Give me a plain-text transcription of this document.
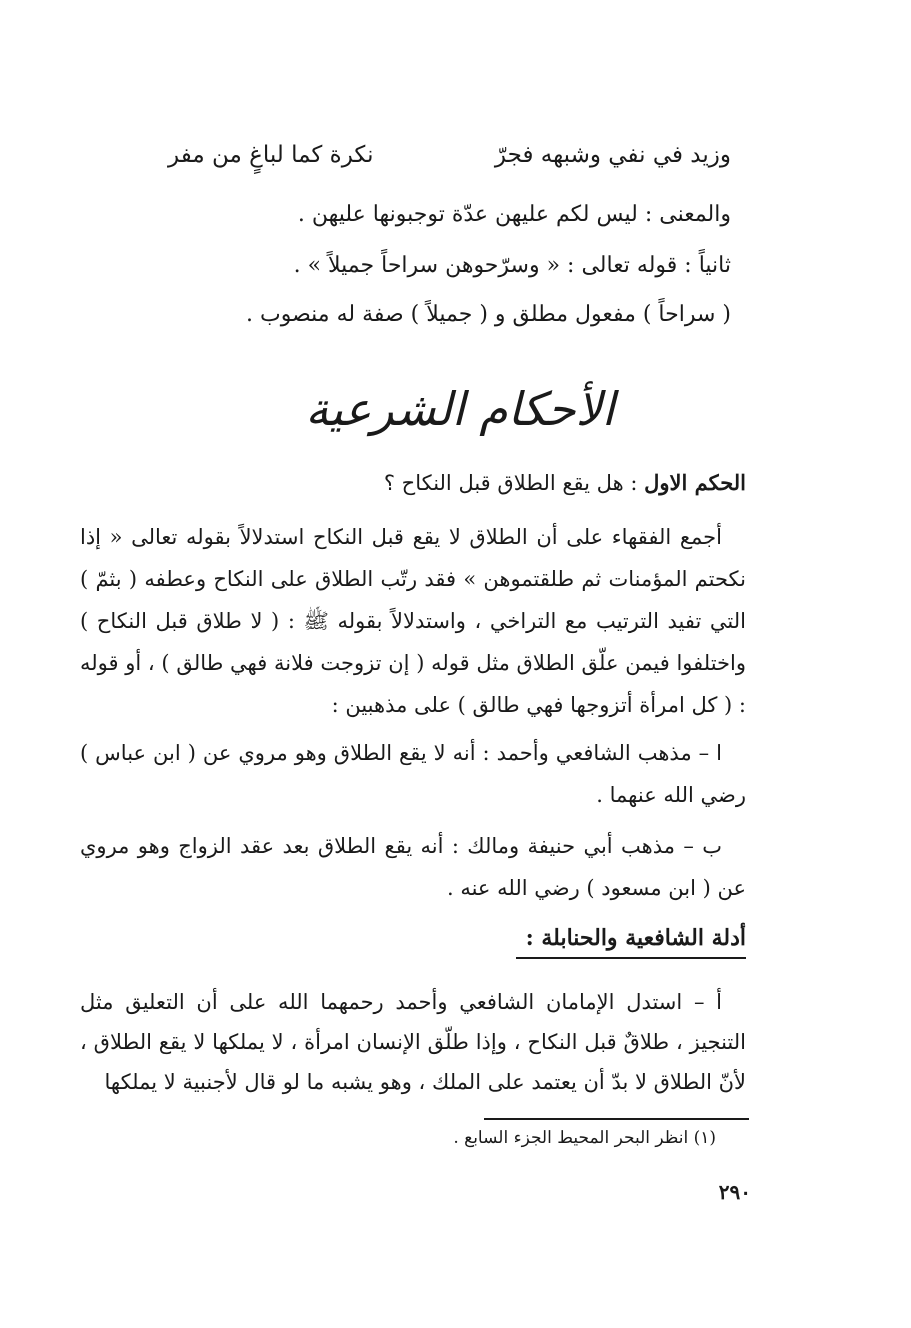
وزيد في نفي وشبهه فجرّ
نكرة كما لباغٍ من مفر
والمعنى : ليس لكم عليهن عدّة توجبونها عليهن .
ثانياً : قوله تعالى : « وسرّحوهن سراحاً جميلاً » .
( سراحاً ) مفعول مطلق و ( جميلاً ) صفة له منصوب .
الأحكام الشرعية
الحكم الاول : هل يقع الطلاق قبل النكاح ؟
أجمع الفقهاء على أن الطلاق لا يقع قبل النكاح استدلالاً بقوله تعالى « إذا نكحتم المؤمنات ثم طلقتموهن » فقد رتّب الطلاق على النكاح وعطفه ( بثمّ ) التي تفيد الترتيب مع التراخي ، واستدلالاً بقوله ﷺ : ( لا طلاق قبل النكاح ) واختلفوا فيمن علّق الطلاق مثل قوله ( إن تزوجت فلانة فهي طالق ) ، أو قوله : ( كل امرأة أتزوجها فهي طالق ) على مذهبين :
ا – مذهب الشافعي وأحمد : أنه لا يقع الطلاق وهو مروي عن ( ابن عباس ) رضي الله عنهما .
ب – مذهب أبي حنيفة ومالك : أنه يقع الطلاق بعد عقد الزواج وهو مروي عن ( ابن مسعود ) رضي الله عنه .
أدلة الشافعية والحنابلة :
أ – استدل الإمامان الشافعي وأحمد رحمهما الله على أن التعليق مثل التنجيز ، طلاقٌ قبل النكاح ، وإذا طلّق الإنسان امرأة ، لا يملكها لا يقع الطلاق ، لأنّ الطلاق لا بدّ أن يعتمد على الملك ، وهو يشبه ما لو قال لأجنبية لا يملكها
(١) انظر البحر المحيط الجزء السابع .
٢٩٠
